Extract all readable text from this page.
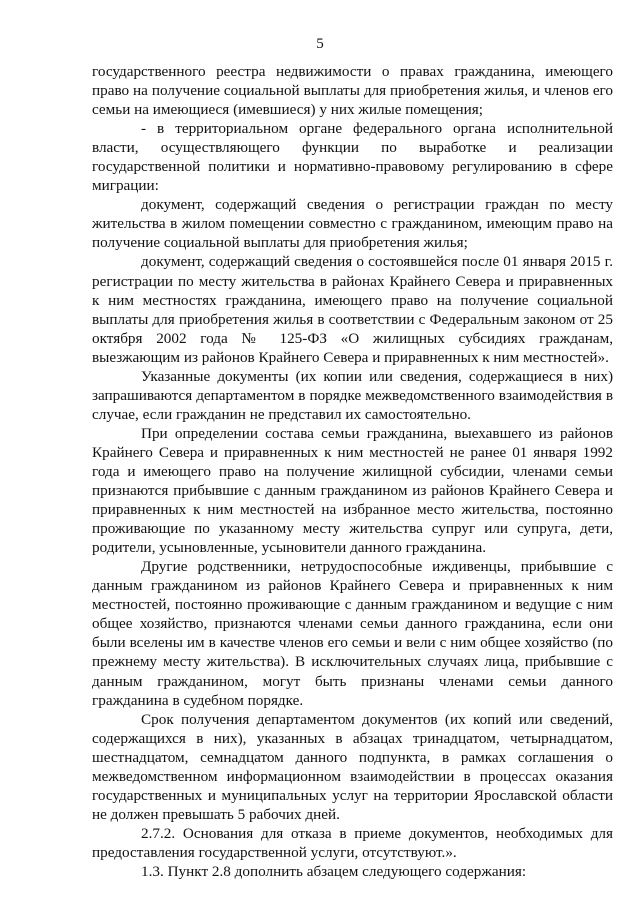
5

государственного реестра недвижимости о правах гражданина, имеющего право на получение социальной выплаты для приобретения жилья, и членов его семьи на имеющиеся (имевшиеся) у них жилые помещения;

- в территориальном органе федерального органа исполнительной власти, осуществляющего функции по выработке и реализации государственной политики и нормативно-правовому регулированию в сфере миграции:

документ, содержащий сведения о регистрации граждан по месту жительства в жилом помещении совместно с гражданином, имеющим право на получение социальной выплаты для приобретения жилья;

документ, содержащий сведения о состоявшейся после 01 января 2015 г. регистрации по месту жительства в районах Крайнего Севера и приравненных к ним местностях гражданина, имеющего право на получение социальной выплаты для приобретения жилья в соответствии с Федеральным законом от 25 октября 2002 года № 125-ФЗ «О жилищных субсидиях гражданам, выезжающим из районов Крайнего Севера и приравненных к ним местностей».

Указанные документы (их копии или сведения, содержащиеся в них) запрашиваются департаментом в порядке межведомственного взаимодействия в случае, если гражданин не представил их самостоятельно.

При определении состава семьи гражданина, выехавшего из районов Крайнего Севера и приравненных к ним местностей не ранее 01 января 1992 года и имеющего право на получение жилищной субсидии, членами семьи признаются прибывшие с данным гражданином из районов Крайнего Севера и приравненных к ним местностей на избранное место жительства, постоянно проживающие по указанному месту жительства супруг или супруга, дети, родители, усыновленные, усыновители данного гражданина.

Другие родственники, нетрудоспособные иждивенцы, прибывшие с данным гражданином из районов Крайнего Севера и приравненных к ним местностей, постоянно проживающие с данным гражданином и ведущие с ним общее хозяйство, признаются членами семьи данного гражданина, если они были вселены им в качестве членов его семьи и вели с ним общее хозяйство (по прежнему месту жительства). В исключительных случаях лица, прибывшие с данным гражданином, могут быть признаны членами семьи данного гражданина в судебном порядке.

Срок получения департаментом документов (их копий или сведений, содержащихся в них), указанных в абзацах тринадцатом, четырнадцатом, шестнадцатом, семнадцатом данного подпункта, в рамках соглашения о межведомственном информационном взаимодействии в процессах оказания государственных и муниципальных услуг на территории Ярославской области не должен превышать 5 рабочих дней.

2.7.2. Основания для отказа в приеме документов, необходимых для предоставления государственной услуги, отсутствуют.».

1.3. Пункт 2.8 дополнить абзацем следующего содержания:
